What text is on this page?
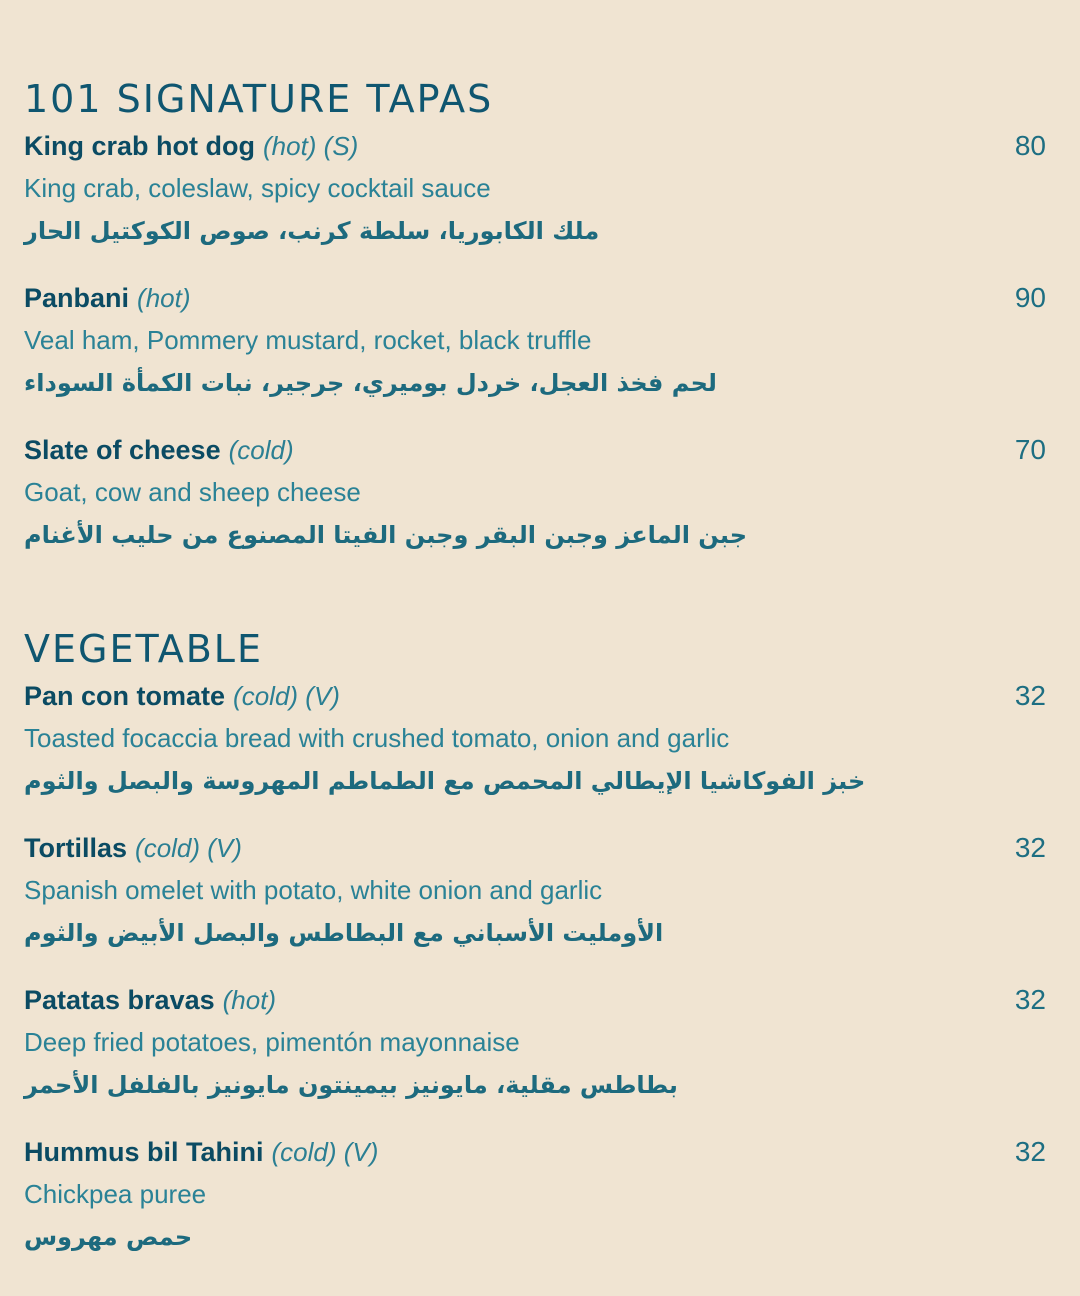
101 SIGNATURE TAPAS
King crab hot dog (hot) (S)	80
King crab, coleslaw, spicy cocktail sauce
ملك الكابوريا، سلطة كرنب، صوص الكوكتيل الحار
Panbani (hot)	90
Veal ham, Pommery mustard, rocket, black truffle
لحم فخذ العجل، خردل بوميري، جرجير، نبات الكمأة السوداء
Slate of cheese (cold)	70
Goat, cow and sheep cheese
جبن الماعز وجبن البقر وجبن الفيتا المصنوع من حليب الأغنام
VEGETABLE
Pan con tomate (cold) (V)	32
Toasted focaccia bread with crushed tomato, onion and garlic
خبز الفوكاشيا الإيطالي المحمص مع الطماطم المهروسة والبصل والثوم
Tortillas (cold) (V)	32
Spanish omelet with potato, white onion and garlic
الأومليت الأسباني مع البطاطس والبصل الأبيض والثوم
Patatas bravas (hot)	32
Deep fried potatoes, pimentón mayonnaise
بطاطس مقلية، مايونيز بيمينتون مايونيز بالفلفل الأحمر
Hummus bil Tahini (cold) (V)	32
Chickpea puree
حمص مهروس
